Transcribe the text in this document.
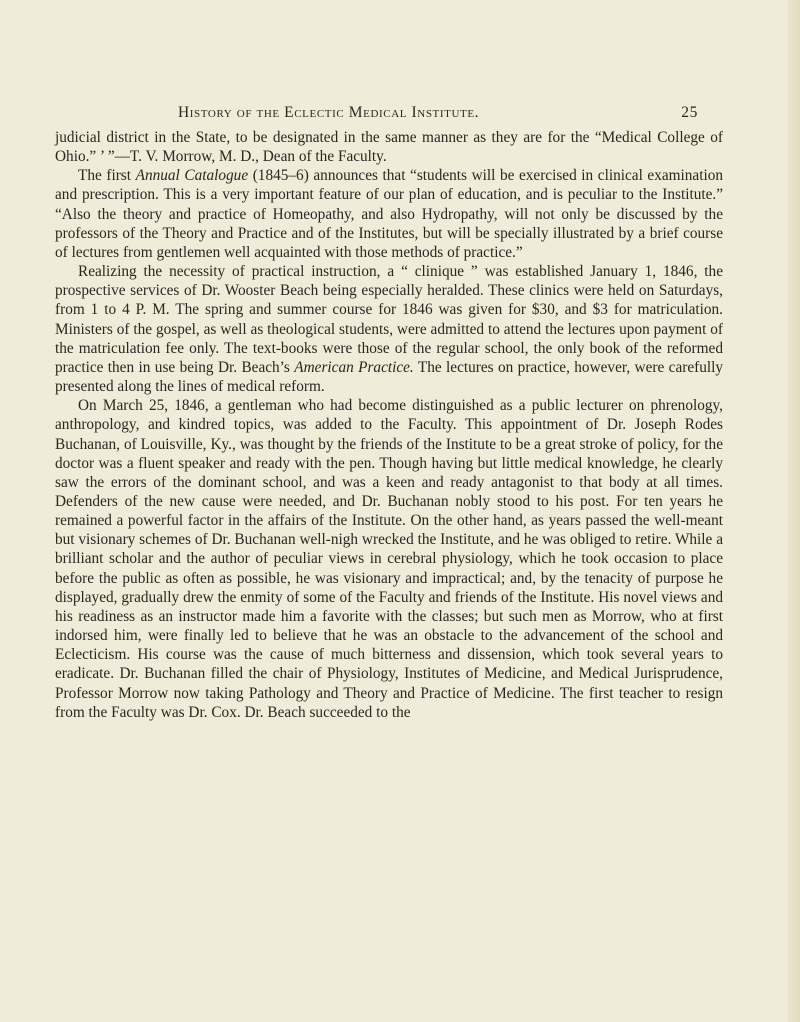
History of the Eclectic Medical Institute.	25

judicial district in the State, to be designated in the same manner as they are for the “Medical College of Ohio.” ’ ”—T. V. Morrow, M. D., Dean of the Faculty.

The first Annual Catalogue (1845–6) announces that “students will be exercised in clinical examination and prescription. This is a very important feature of our plan of education, and is peculiar to the Institute.” “Also the theory and practice of Homeopathy, and also Hydropathy, will not only be discussed by the professors of the Theory and Practice and of the Institutes, but will be specially illustrated by a brief course of lectures from gentlemen well acquainted with those methods of practice.”

Realizing the necessity of practical instruction, a “ clinique ” was established January 1, 1846, the prospective services of Dr. Wooster Beach being especially heralded. These clinics were held on Saturdays, from 1 to 4 P. M. The spring and summer course for 1846 was given for $30, and $3 for matriculation. Ministers of the gospel, as well as theological students, were admitted to attend the lectures upon payment of the matriculation fee only. The text-books were those of the regular school, the only book of the reformed practice then in use being Dr. Beach’s American Practice. The lectures on practice, however, were carefully presented along the lines of medical reform.

On March 25, 1846, a gentleman who had become distinguished as a public lecturer on phrenology, anthropology, and kindred topics, was added to the Faculty. This appointment of Dr. Joseph Rodes Buchanan, of Louisville, Ky., was thought by the friends of the Institute to be a great stroke of policy, for the doctor was a fluent speaker and ready with the pen. Though having but little medical knowledge, he clearly saw the errors of the dominant school, and was a keen and ready antagonist to that body at all times. Defenders of the new cause were needed, and Dr. Buchanan nobly stood to his post. For ten years he remained a powerful factor in the affairs of the Institute. On the other hand, as years passed the well-meant but visionary schemes of Dr. Buchanan well-nigh wrecked the Institute, and he was obliged to retire. While a brilliant scholar and the author of peculiar views in cerebral physiology, which he took occasion to place before the public as often as possible, he was visionary and impractical; and, by the tenacity of purpose he displayed, gradually drew the enmity of some of the Faculty and friends of the Institute. His novel views and his readiness as an instructor made him a favorite with the classes; but such men as Morrow, who at first indorsed him, were finally led to believe that he was an obstacle to the advancement of the school and Eclecticism. His course was the cause of much bitterness and dissension, which took several years to eradicate. Dr. Buchanan filled the chair of Physiology, Institutes of Medicine, and Medical Jurisprudence, Professor Morrow now taking Pathology and Theory and Practice of Medicine. The first teacher to resign from the Faculty was Dr. Cox. Dr. Beach succeeded to the
